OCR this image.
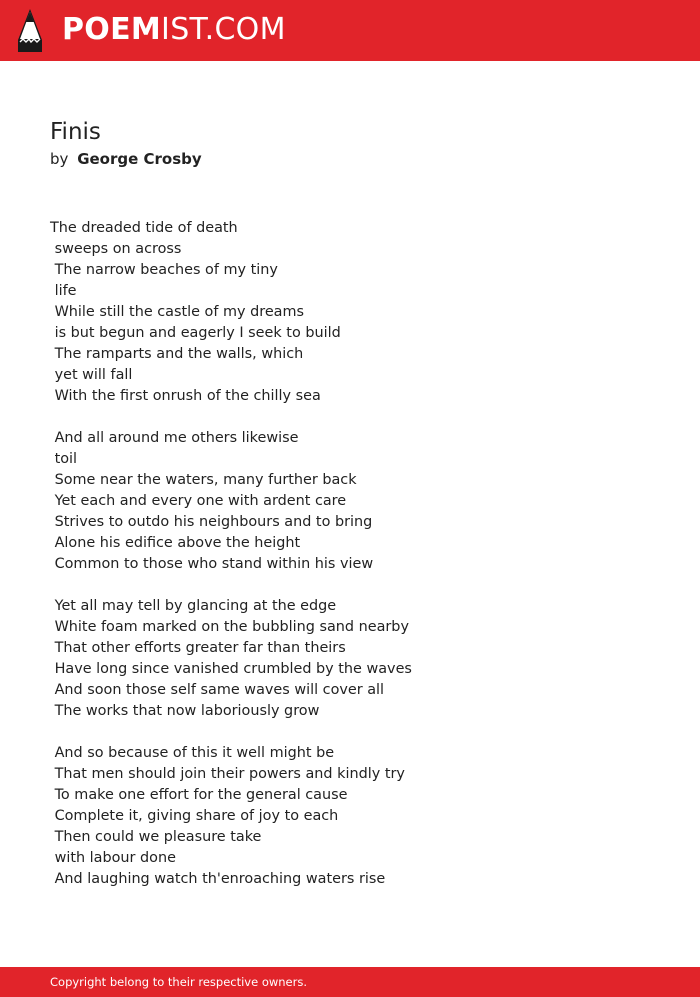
POEMIST.COM
Finis
by George Crosby
The dreaded tide of death
sweeps on across
The narrow beaches of my tiny
life
While still the castle of my dreams
is but begun and eagerly I seek to build
The ramparts and the walls, which
yet will fall
With the first onrush of the chilly sea
And all around me others likewise
toil
Some near the waters, many further back
Yet each and every one with ardent care
Strives to outdo his neighbours and to bring
Alone his edifice above the height
Common to those who stand within his view
Yet all may tell by glancing at the edge
White foam marked on the bubbling sand nearby
That other efforts greater far than theirs
Have long since vanished crumbled by the waves
And soon those self same waves will cover all
The works that now laboriously grow
And so because of this it well might be
That men should join their powers and kindly try
To make one effort for the general cause
Complete it, giving share of joy to each
Then could we pleasure take
with labour done
And laughing watch th'enroaching waters rise
Copyright belong to their respective owners.
